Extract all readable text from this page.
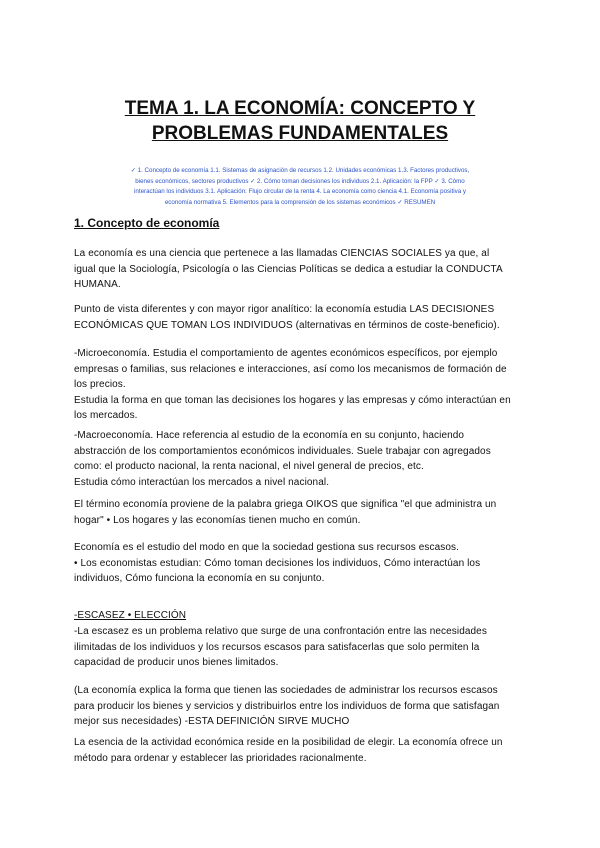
TEMA 1. LA ECONOMÍA: CONCEPTO Y
PROBLEMAS FUNDAMENTALES
✓ 1. Concepto de economía 1.1. Sistemas de asignación de recursos 1.2. Unidades económicas 1.3. Factores productivos,
bienes económicos, sectores productivos ✓ 2. Cómo toman decisiones los individuos 2.1. Aplicación: la FPP ✓ 3. Cómo
interactúan los individuos 3.1. Aplicación: Flujo circular de la renta 4. La economía como ciencia 4.1. Economía positiva y
economía normativa 5. Elementos para la comprensión de los sistemas económicos ✓ RESUMEN
1. Concepto de economía
La economía es una ciencia que pertenece a las llamadas CIENCIAS SOCIALES ya que, al
igual que la Sociología, Psicología o las Ciencias Políticas se dedica a estudiar la CONDUCTA
HUMANA.
Punto de vista diferentes y con mayor rigor analítico: la economía estudia LAS DECISIONES
ECONÓMICAS QUE TOMAN LOS INDIVIDUOS (alternativas en términos de coste-beneficio).
-Microeconomía. Estudia el comportamiento de agentes económicos específicos, por ejemplo
empresas o familias, sus relaciones e interacciones, así como los mecanismos de formación de
los precios.
Estudia la forma en que toman las decisiones los hogares y las empresas y cómo interactúan en
los mercados.
-Macroeconomía. Hace referencia al estudio de la economía en su conjunto, haciendo
abstracción de los comportamientos económicos individuales. Suele trabajar con agregados
como: el producto nacional, la renta nacional, el nivel general de precios, etc.
Estudia cómo interactúan los mercados a nivel nacional.
El término economía proviene de la palabra griega OIKOS que significa "el que administra un
hogar" • Los hogares y las economías tienen mucho en común.
Economía es el estudio del modo en que la sociedad gestiona sus recursos escasos.
• Los economistas estudian: Cómo toman decisiones los individuos, Cómo interactúan los
individuos, Cómo funciona la economía en su conjunto.
-ESCASEZ • ELECCIÓN
-La escasez es un problema relativo que surge de una confrontación entre las necesidades
ilimitadas de los individuos y los recursos escasos para satisfacerlas que solo permiten la
capacidad de producir unos bienes limitados.
(La economía explica la forma que tienen las sociedades de administrar los recursos escasos
para producir los bienes y servicios y distribuirlos entre los individuos de forma que satisfagan
mejor sus necesidades) -ESTA DEFINICIÓN SIRVE MUCHO
La esencia de la actividad económica reside en la posibilidad de elegir. La economía ofrece un
método para ordenar y establecer las prioridades racionalmente.
